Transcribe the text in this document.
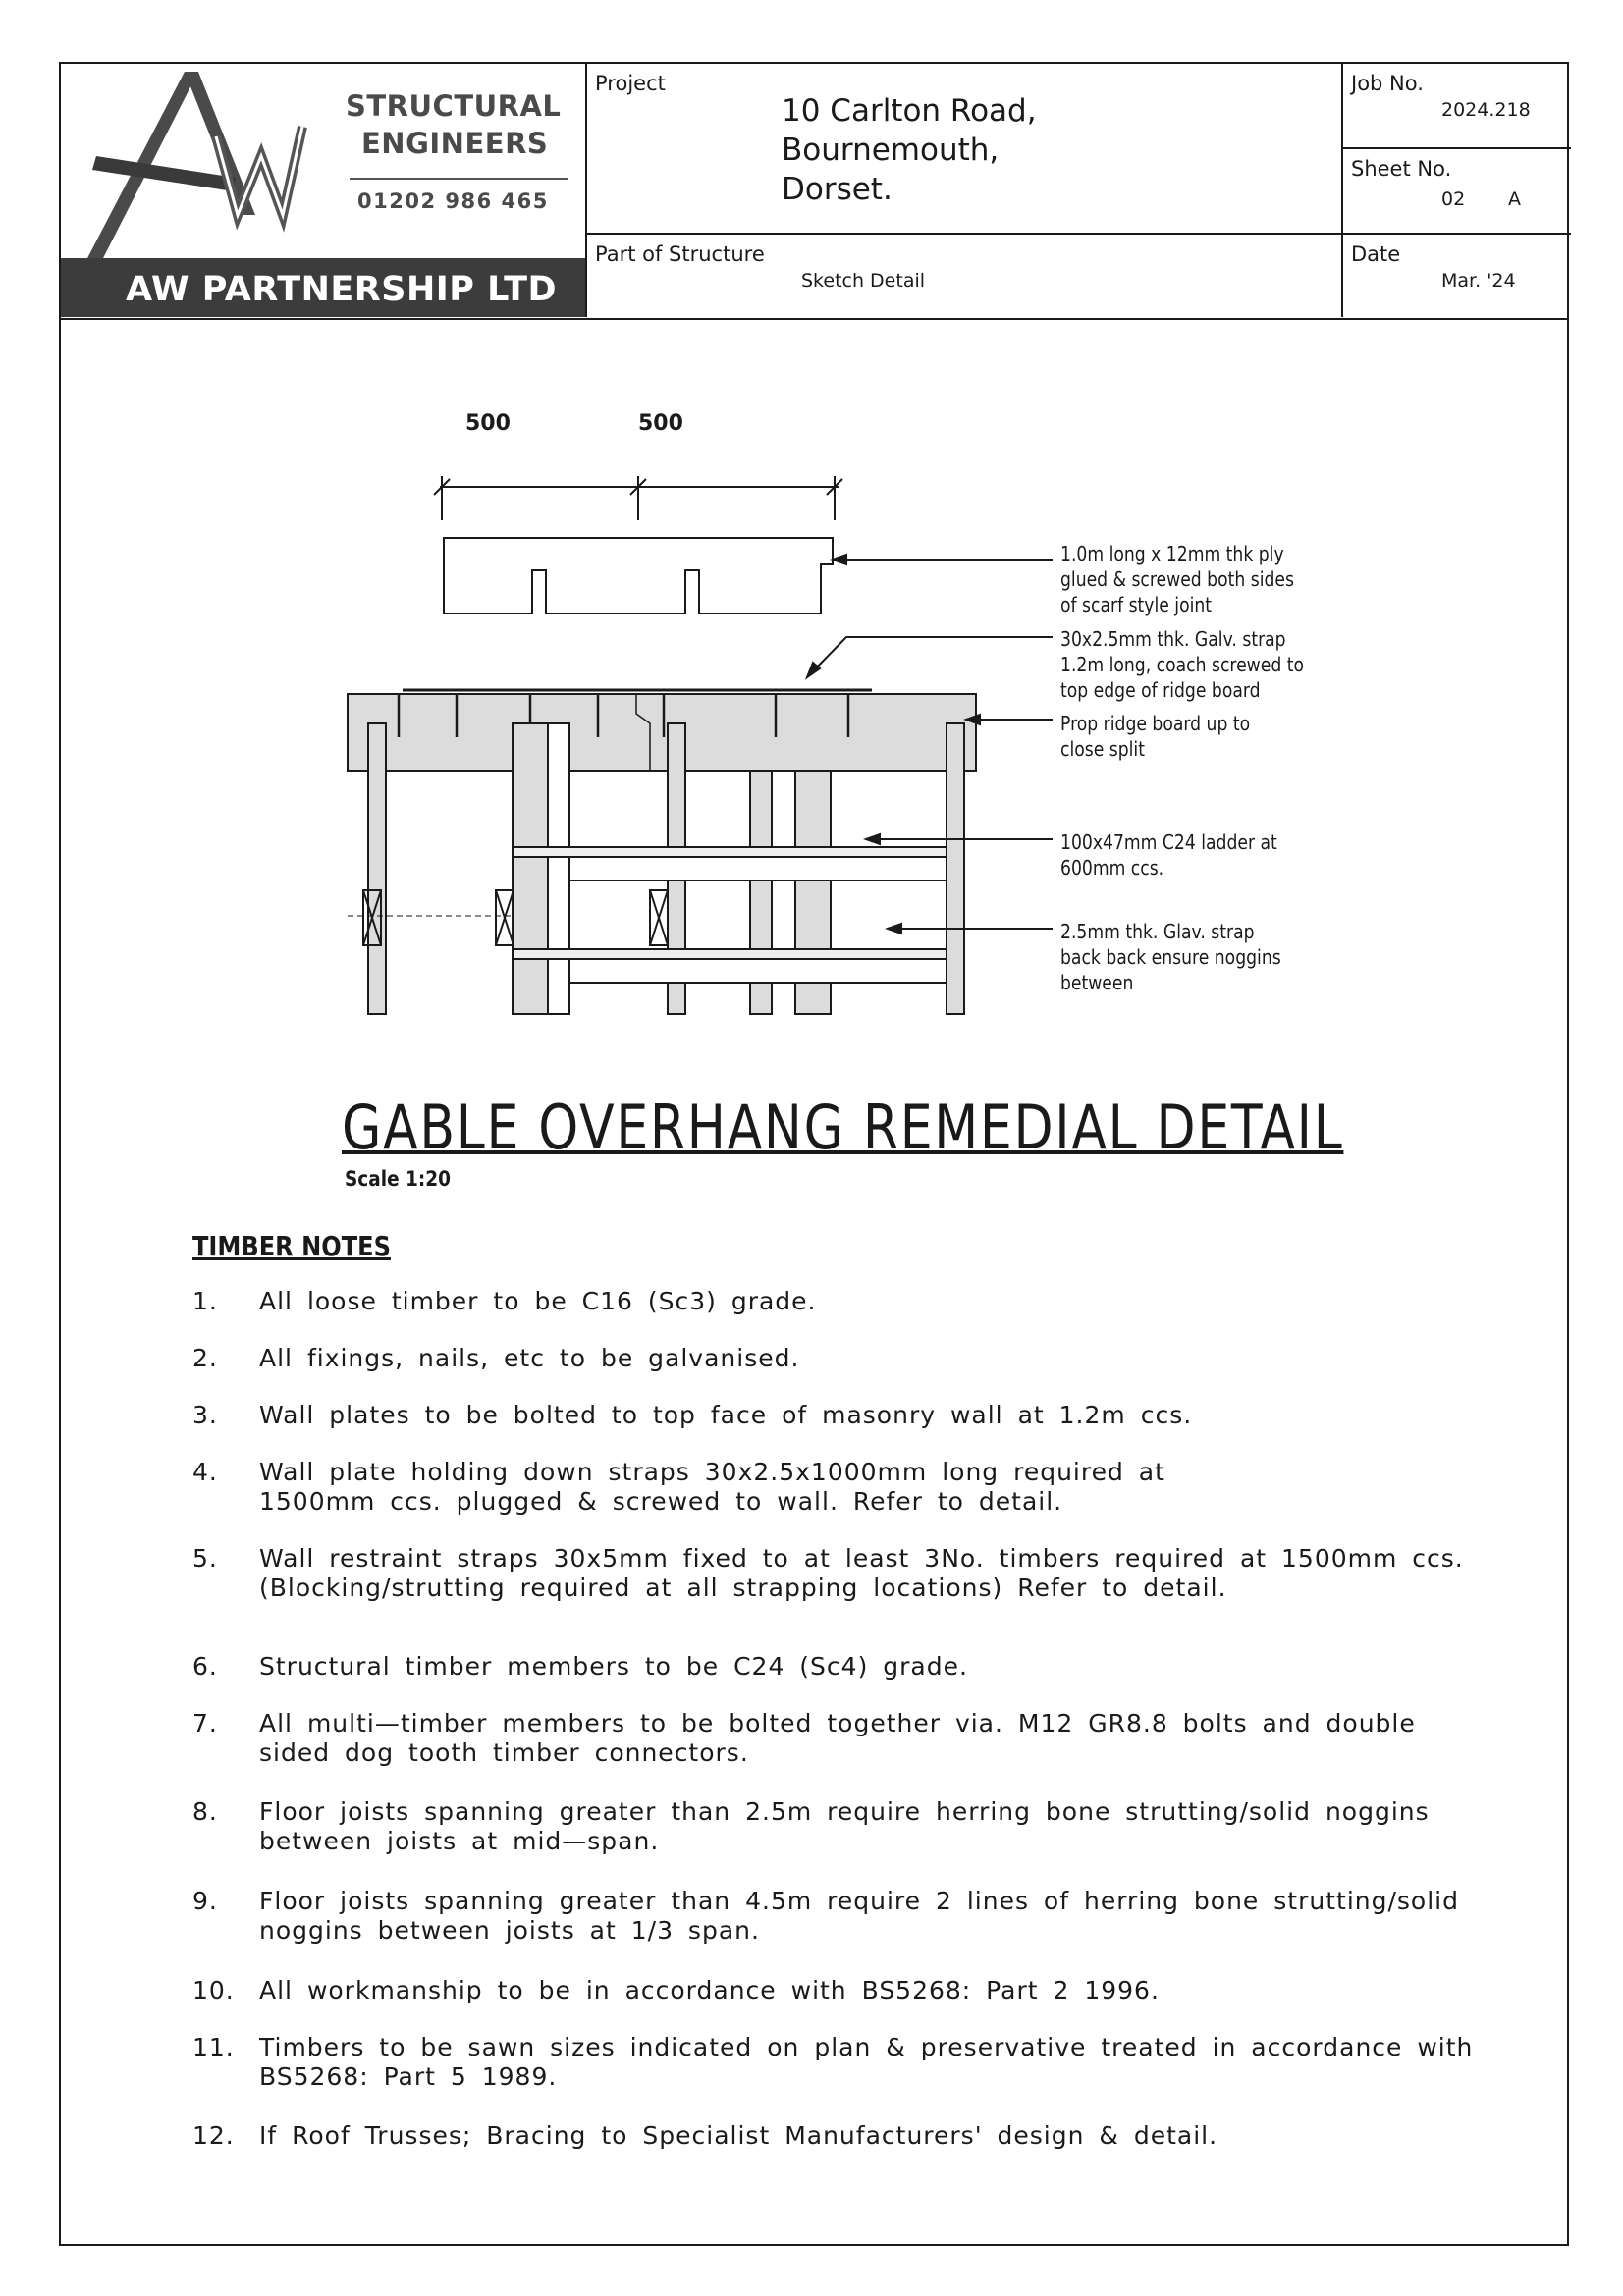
STRUCTURAL
ENGINEERS
01202 986 465
AW PARTNERSHIP LTD
Project
10 Carlton Road,
Bournemouth,
Dorset.
Part of Structure
Sketch Detail
Job No.
2024.218
Sheet No.
02 A
Date
Mar. '24
500	500
1.0m long x 12mm thk ply
glued & screwed both sides
of scarf style joint
30x2.5mm thk. Galv. strap
1.2m long, coach screwed to
top edge of ridge board
Prop ridge board up to
close split
100x47mm C24 ladder at
600mm ccs.
2.5mm thk. Glav. strap
back back ensure noggins
between
GABLE OVERHANG REMEDIAL DETAIL
Scale 1:20
TIMBER NOTES
1. All loose timber to be C16 (Sc3) grade.
2. All fixings, nails, etc to be galvanised.
3. Wall plates to be bolted to top face of masonry wall at 1.2m ccs.
4. Wall plate holding down straps 30x2.5x1000mm long required at
1500mm ccs. plugged & screwed to wall. Refer to detail.
5. Wall restraint straps 30x5mm fixed to at least 3No. timbers required at 1500mm ccs.
(Blocking/strutting required at all strapping locations) Refer to detail.
6. Structural timber members to be C24 (Sc4) grade.
7. All multi—timber members to be bolted together via. M12 GR8.8 bolts and double
sided dog tooth timber connectors.
8. Floor joists spanning greater than 2.5m require herring bone strutting/solid noggins
between joists at mid—span.
9. Floor joists spanning greater than 4.5m require 2 lines of herring bone strutting/solid
noggins between joists at 1/3 span.
10. All workmanship to be in accordance with BS5268: Part 2 1996.
11. Timbers to be sawn sizes indicated on plan & preservative treated in accordance with
BS5268: Part 5 1989.
12. If Roof Trusses; Bracing to Specialist Manufacturers' design & detail.
